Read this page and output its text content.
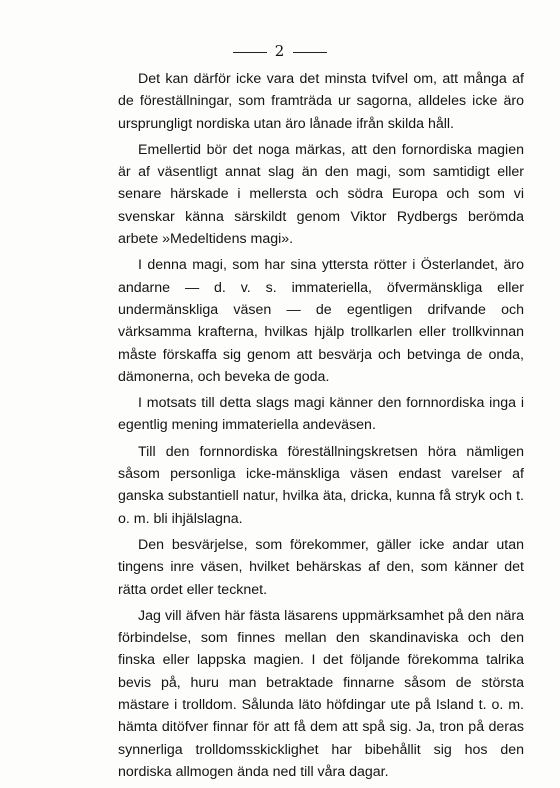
2

Det kan därför icke vara det minsta tvifvel om, att många af de föreställningar, som framträda ur sagorna, alldeles icke äro ursprungligt nordiska utan äro lånade ifrån skilda håll.

Emellertid bör det noga märkas, att den fornordiska magien är af väsentligt annat slag än den magi, som samtidigt eller senare härskade i mellersta och södra Europa och som vi svenskar känna särskildt genom Viktor Rydbergs berömda arbete »Medeltidens magi».

I denna magi, som har sina yttersta rötter i Österlandet, äro andarne — d. v. s. immateriella, öfvermänskliga eller undermänskliga väsen — de egentligen drifvande och värksamma krafterna, hvilkas hjälp trollkarlen eller trollkvinnan måste förskaffa sig genom att besvärja och betvinga de onda, dämonerna, och beveka de goda.

I motsats till detta slags magi känner den fornnordiska inga i egentlig mening immateriella andeväsen.

Till den fornnordiska föreställningskretsen höra nämligen såsom personliga icke-mänskliga väsen endast varelser af ganska substantiell natur, hvilka äta, dricka, kunna få stryk och t. o. m. bli ihjälslagna.

Den besvärjelse, som förekommer, gäller icke andar utan tingens inre väsen, hvilket behärskas af den, som känner det rätta ordet eller tecknet.

Jag vill äfven här fästa läsarens uppmärksamhet på den nära förbindelse, som finnes mellan den skandinaviska och den finska eller lappska magien. I det följande förekomma talrika bevis på, huru man betraktade finnarne såsom de största mästare i trolldom. Sålunda läto höfdingar ute på Island t. o. m. hämta ditöfver finnar för att få dem att spå sig. Ja, tron på deras synnerliga trolldomsskicklighet har bibehållit sig hos den nordiska allmogen ända ned till våra dagar.
